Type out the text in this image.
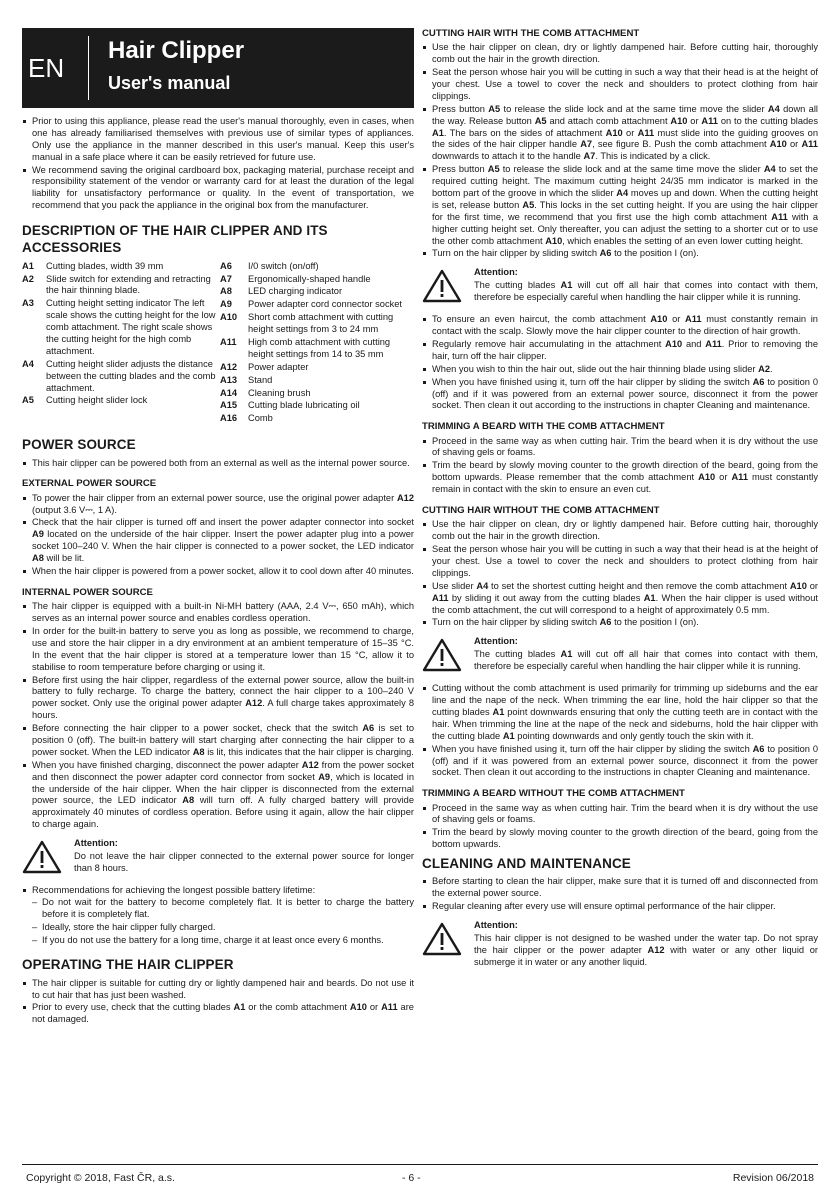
EN
Hair Clipper
User's manual
Prior to using this appliance, please read the user's manual thoroughly, even in cases, when one has already familiarised themselves with previous use of similar types of appliances. Only use the appliance in the manner described in this user's manual. Keep this user's manual in a safe place where it can be easily retrieved for future use.
We recommend saving the original cardboard box, packaging material, purchase receipt and responsibility statement of the vendor or warranty card for at least the duration of the legal liability for unsatisfactory performance or quality. In the event of transportation, we recommend that you pack the appliance in the original box from the manufacturer.
DESCRIPTION OF THE HAIR CLIPPER AND ITS ACCESSORIES
A1	Cutting blades, width 39 mm
A2	Slide switch for extending and retracting the hair thinning blade.
A3	Cutting height setting indicator The left scale shows the cutting height for the low comb attachment. The right scale shows the cutting height for the high comb attachment.
A4	Cutting height slider adjusts the distance between the cutting blades and the comb attachment.
A5	Cutting height slider lock
A6	I/0 switch (on/off)
A7	Ergonomically-shaped handle
A8	LED charging indicator
A9	Power adapter cord connector socket
A10	Short comb attachment with cutting height settings from 3 to 24 mm
A11	High comb attachment with cutting height settings from 14 to 35 mm
A12	Power adapter
A13	Stand
A14	Cleaning brush
A15	Cutting blade lubricating oil
A16	Comb
POWER SOURCE
This hair clipper can be powered both from an external as well as the internal power source.
EXTERNAL POWER SOURCE
To power the hair clipper from an external power source, use the original power adapter A12 (output 3.6 V⎓, 1 A).
Check that the hair clipper is turned off and insert the power adapter connector into socket A9 located on the underside of the hair clipper. Insert the power adapter plug into a power socket 100–240 V. When the hair clipper is connected to a power socket, the LED indicator A8 will be lit.
When the hair clipper is powered from a power socket, allow it to cool down after 40 minutes.
INTERNAL POWER SOURCE
The hair clipper is equipped with a built-in Ni-MH battery (AAA, 2.4 V⎓, 650 mAh), which serves as an internal power source and enables cordless operation.
In order for the built-in battery to serve you as long as possible, we recommend to charge, use and store the hair clipper in a dry environment at an ambient temperature of 15–35 °C. In the event that the hair clipper is stored at a temperature lower than 15 °C, allow it to stabilise to room temperature before charging or using it.
Before first using the hair clipper, regardless of the external power source, allow the built-in battery to fully recharge. To charge the battery, connect the hair clipper to a 100–240 V power socket. Only use the original power adapter A12. A full charge takes approximately 8 hours.
Before connecting the hair clipper to a power socket, check that the switch A6 is set to position 0 (off). The built-in battery will start charging after connecting the hair clipper to a power socket. When the LED indicator A8 is lit, this indicates that the hair clipper is charging.
When you have finished charging, disconnect the power adapter A12 from the power socket and then disconnect the power adapter cord connector from socket A9, which is located in the underside of the hair clipper. When the hair clipper is disconnected from the external power source, the LED indicator A8 will turn off. A fully charged battery will provide approximately 40 minutes of cordless operation. Before using it again, allow the hair clipper to charge again.
Attention:
Do not leave the hair clipper connected to the external power source for longer than 8 hours.
Recommendations for achieving the longest possible battery lifetime:
– Do not wait for the battery to become completely flat. It is better to charge the battery before it is completely flat.
– Ideally, store the hair clipper fully charged.
– If you do not use the battery for a long time, charge it at least once every 6 months.
OPERATING THE HAIR CLIPPER
The hair clipper is suitable for cutting dry or lightly dampened hair and beards. Do not use it to cut hair that has just been washed.
Prior to every use, check that the cutting blades A1 or the comb attachment A10 or A11 are not damaged.
CUTTING HAIR WITH THE COMB ATTACHMENT
Use the hair clipper on clean, dry or lightly dampened hair. Before cutting hair, thoroughly comb out the hair in the growth direction.
Seat the person whose hair you will be cutting in such a way that their head is at the height of your chest. Use a towel to cover the neck and shoulders to protect clothing from hair clippings.
Press button A5 to release the slide lock and at the same time move the slider A4 down all the way. Release button A5 and attach comb attachment A10 or A11 on to the cutting blades A1. The bars on the sides of attachment A10 or A11 must slide into the guiding grooves on the sides of the hair clipper handle A7, see figure B. Push the comb attachment A10 or A11 downwards to attach it to the handle A7. This is indicated by a click.
Press button A5 to release the slide lock and at the same time move the slider A4 to set the required cutting height. The maximum cutting height 24/35 mm indicator is marked in the bottom part of the groove in which the slider A4 moves up and down. When the cutting height is set, release button A5. This locks in the set cutting height. If you are using the hair clipper for the first time, we recommend that you first use the high comb attachment A11 with a higher cutting height set. Only thereafter, you can adjust the setting to a shorter cut or to use the other comb attachment A10, which enables the setting of an even lower cutting height.
Turn on the hair clipper by sliding switch A6 to the position I (on).
Attention:
The cutting blades A1 will cut off all hair that comes into contact with them, therefore be especially careful when handling the hair clipper while it is running.
To ensure an even haircut, the comb attachment A10 or A11 must constantly remain in contact with the scalp. Slowly move the hair clipper counter to the direction of hair growth.
Regularly remove hair accumulating in the attachment A10 and A11. Prior to removing the hair, turn off the hair clipper.
When you wish to thin the hair out, slide out the hair thinning blade using slider A2.
When you have finished using it, turn off the hair clipper by sliding the switch A6 to position 0 (off) and if it was powered from an external power source, disconnect it from the power socket. Then clean it out according to the instructions in chapter Cleaning and maintenance.
TRIMMING A BEARD WITH THE COMB ATTACHMENT
Proceed in the same way as when cutting hair. Trim the beard when it is dry without the use of shaving gels or foams.
Trim the beard by slowly moving counter to the growth direction of the beard, going from the bottom upwards. Please remember that the comb attachment A10 or A11 must constantly remain in contact with the skin to ensure an even cut.
CUTTING HAIR WITHOUT THE COMB ATTACHMENT
Use the hair clipper on clean, dry or lightly dampened hair. Before cutting hair, thoroughly comb out the hair in the growth direction.
Seat the person whose hair you will be cutting in such a way that their head is at the height of your chest. Use a towel to cover the neck and shoulders to protect clothing from hair clippings.
Use slider A4 to set the shortest cutting height and then remove the comb attachment A10 or A11 by sliding it out away from the cutting blades A1. When the hair clipper is used without the comb attachment, the cut will correspond to a height of approximately 0.5 mm.
Turn on the hair clipper by sliding switch A6 to the position I (on).
Attention:
The cutting blades A1 will cut off all hair that comes into contact with them, therefore be especially careful when handling the hair clipper while it is running.
Cutting without the comb attachment is used primarily for trimming up sideburns and the ear line and the nape of the neck. When trimming the ear line, hold the hair clipper so that the cutting blades A1 point downwards ensuring that only the cutting teeth are in contact with the hair. When trimming the line at the nape of the neck and sideburns, hold the hair clipper with the cutting blade A1 pointing downwards and only gently touch the skin with it.
When you have finished using it, turn off the hair clipper by sliding the switch A6 to position 0 (off) and if it was powered from an external power source, disconnect it from the power socket. Then clean it out according to the instructions in chapter Cleaning and maintenance.
TRIMMING A BEARD WITHOUT THE COMB ATTACHMENT
Proceed in the same way as when cutting hair. Trim the beard when it is dry without the use of shaving gels or foams.
Trim the beard by slowly moving counter to the growth direction of the beard, going from the bottom upwards.
CLEANING AND MAINTENANCE
Before starting to clean the hair clipper, make sure that it is turned off and disconnected from the external power source.
Regular cleaning after every use will ensure optimal performance of the hair clipper.
Attention:
This hair clipper is not designed to be washed under the water tap. Do not spray the hair clipper or the power adapter A12 with water or any other liquid or submerge it in water or any another liquid.
Copyright © 2018, Fast ČR, a.s.	- 6 -	Revision 06/2018
